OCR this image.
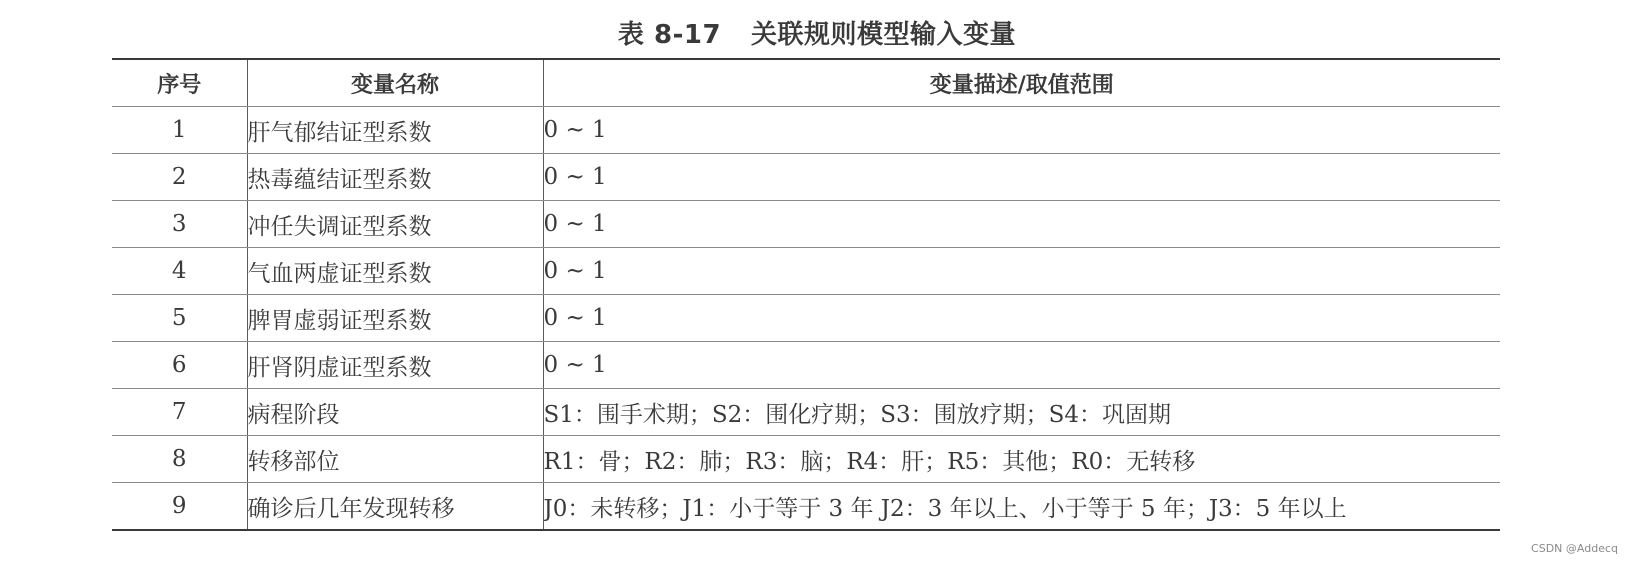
表 8-17 关联规则模型输入变量
序号	变量名称	变量描述/取值范围
1	肝气郁结证型系数	0 ~ 1
2	热毒蕴结证型系数	0 ~ 1
3	冲任失调证型系数	0 ~ 1
4	气血两虚证型系数	0 ~ 1
5	脾胃虚弱证型系数	0 ~ 1
6	肝肾阴虚证型系数	0 ~ 1
7	病程阶段	S1：围手术期；S2：围化疗期；S3：围放疗期；S4：巩固期
8	转移部位	R1：骨；R2：肺；R3：脑；R4：肝；R5：其他；R0：无转移
9	确诊后几年发现转移	J0：未转移；J1：小于等于 3 年 J2：3 年以上、小于等于 5 年；J3：5 年以上
CSDN @Addecq
